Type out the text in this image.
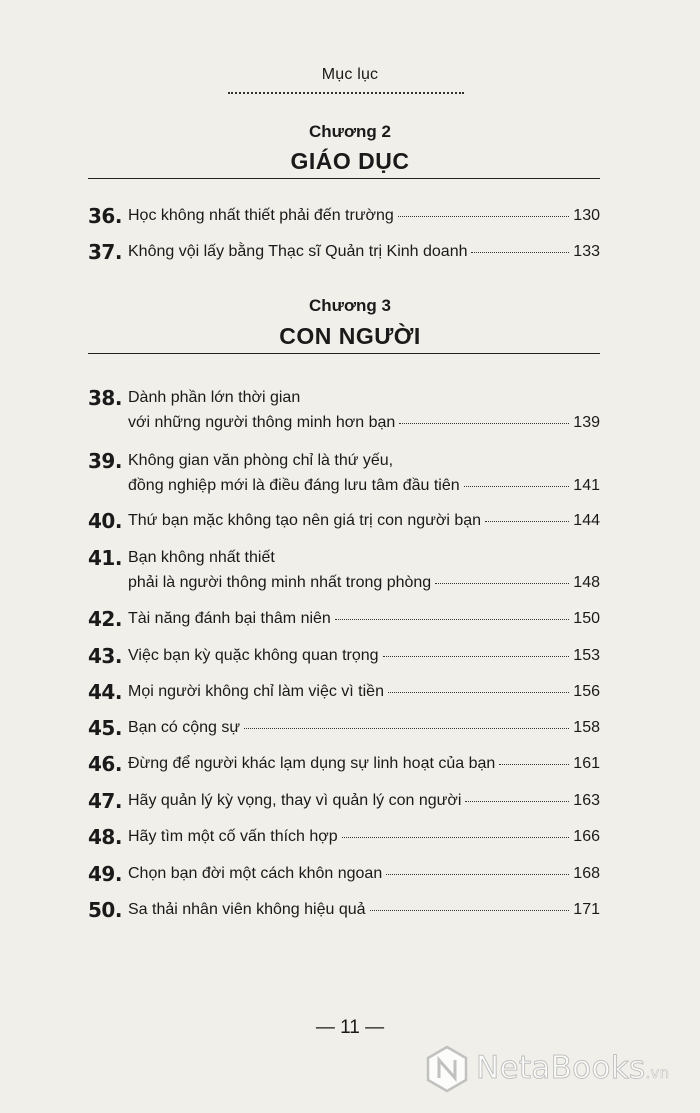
Mục lục
Chương 2
GIÁO DỤC
36. Học không nhất thiết phải đến trường	130
37. Không vội lấy bằng Thạc sĩ Quản trị Kinh doanh	133
Chương 3
CON NGƯỜI
38. Dành phần lớn thời gian
với những người thông minh hơn bạn	139
39. Không gian văn phòng chỉ là thứ yếu,
đồng nghiệp mới là điều đáng lưu tâm đầu tiên	141
40. Thứ bạn mặc không tạo nên giá trị con người bạn	144
41. Bạn không nhất thiết
phải là người thông minh nhất trong phòng	148
42. Tài năng đánh bại thâm niên	150
43. Việc bạn kỳ quặc không quan trọng	153
44. Mọi người không chỉ làm việc vì tiền	156
45. Bạn có cộng sự	158
46. Đừng để người khác lạm dụng sự linh hoạt của bạn	161
47. Hãy quản lý kỳ vọng, thay vì quản lý con người	163
48. Hãy tìm một cố vấn thích hợp	166
49. Chọn bạn đời một cách khôn ngoan	168
50. Sa thải nhân viên không hiệu quả	171
— 11 —
NetaBooks.vn
